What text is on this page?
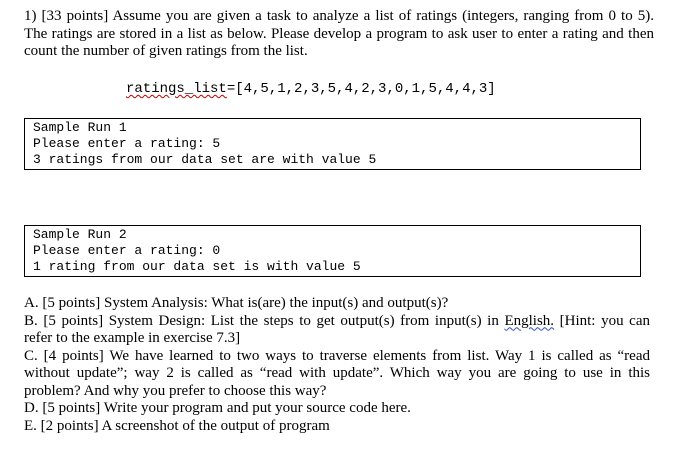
1) [33 points] Assume you are given a task to analyze a list of ratings (integers, ranging from 0 to 5). The ratings are stored in a list as below. Please develop a program to ask user to enter a rating and then count the number of given ratings from the list.
ratings_list=[4,5,1,2,3,5,4,2,3,0,1,5,4,4,3]
Sample Run 1
Please enter a rating: 5
3 ratings from our data set are with value 5
Sample Run 2
Please enter a rating: 0
1 rating from our data set is with value 5

A. [5 points] System Analysis: What is(are) the input(s) and output(s)?

B. [5 points] System Design: List the steps to get output(s) from input(s) in English. [Hint: you can refer to the example in exercise 7.3]

C. [4 points] We have learned to two ways to traverse elements from list. Way 1 is called as “read without update”; way 2 is called as “read with update”. Which way you are going to use in this problem? And why you prefer to choose this way?

D. [5 points] Write your program and put your source code here.

E. [2 points] A screenshot of the output of program
